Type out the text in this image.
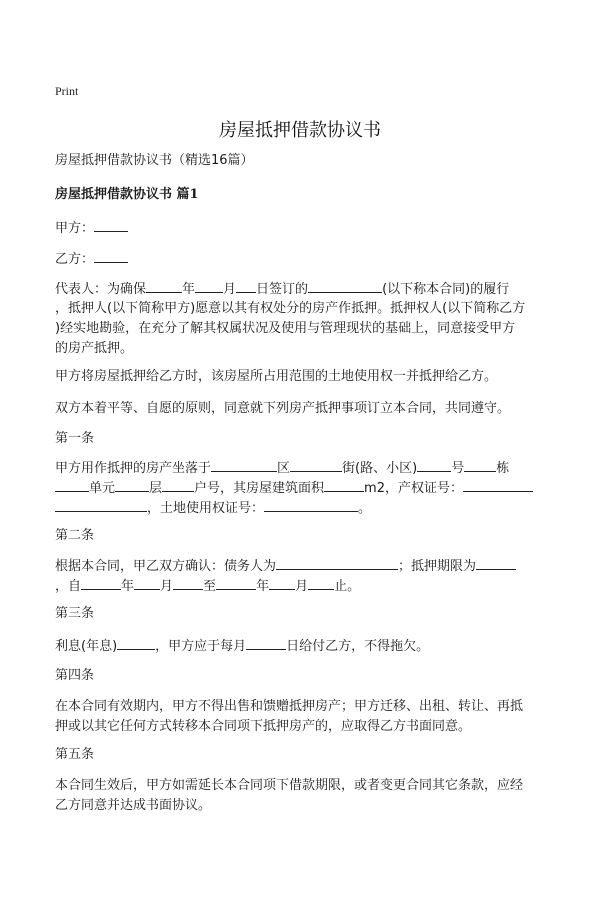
Print
房屋抵押借款协议书
房屋抵押借款协议书（精选16篇）
房屋抵押借款协议书 篇1
甲方：
乙方：
代表人：为确保	年 月 日签订的	(以下称本合同)的履行
，抵押人(以下简称甲方)愿意以其有权处分的房产作抵押。抵押权人(以下简称乙方
)经实地勘验，在充分了解其权属状况及使用与管理现状的基础上，同意接受甲方
的房产抵押。
甲方将房屋抵押给乙方时，该房屋所占用范围的土地使用权一并抵押给乙方。
双方本着平等、自愿的原则，同意就下列房产抵押事项订立本合同，共同遵守。
第一条
甲方用作抵押的房产坐落于	区	街(路、小区)	号 栋
单元	层 户号，其房屋建筑面积	m2，产权证号：
，土地使用权证号：	。
第二条
根据本合同，甲乙双方确认：债务人为	；抵押期限为
，自	年 月 至	年 月 止。
第三条
利息(年息)	，甲方应于每月	日给付乙方，不得拖欠。
第四条
在本合同有效期内，甲方不得出售和馈赠抵押房产；甲方迁移、出租、转让、再抵
押或以其它任何方式转移本合同项下抵押房产的，应取得乙方书面同意。
第五条
本合同生效后，甲方如需延长本合同项下借款期限，或者变更合同其它条款，应经
乙方同意并达成书面协议。
